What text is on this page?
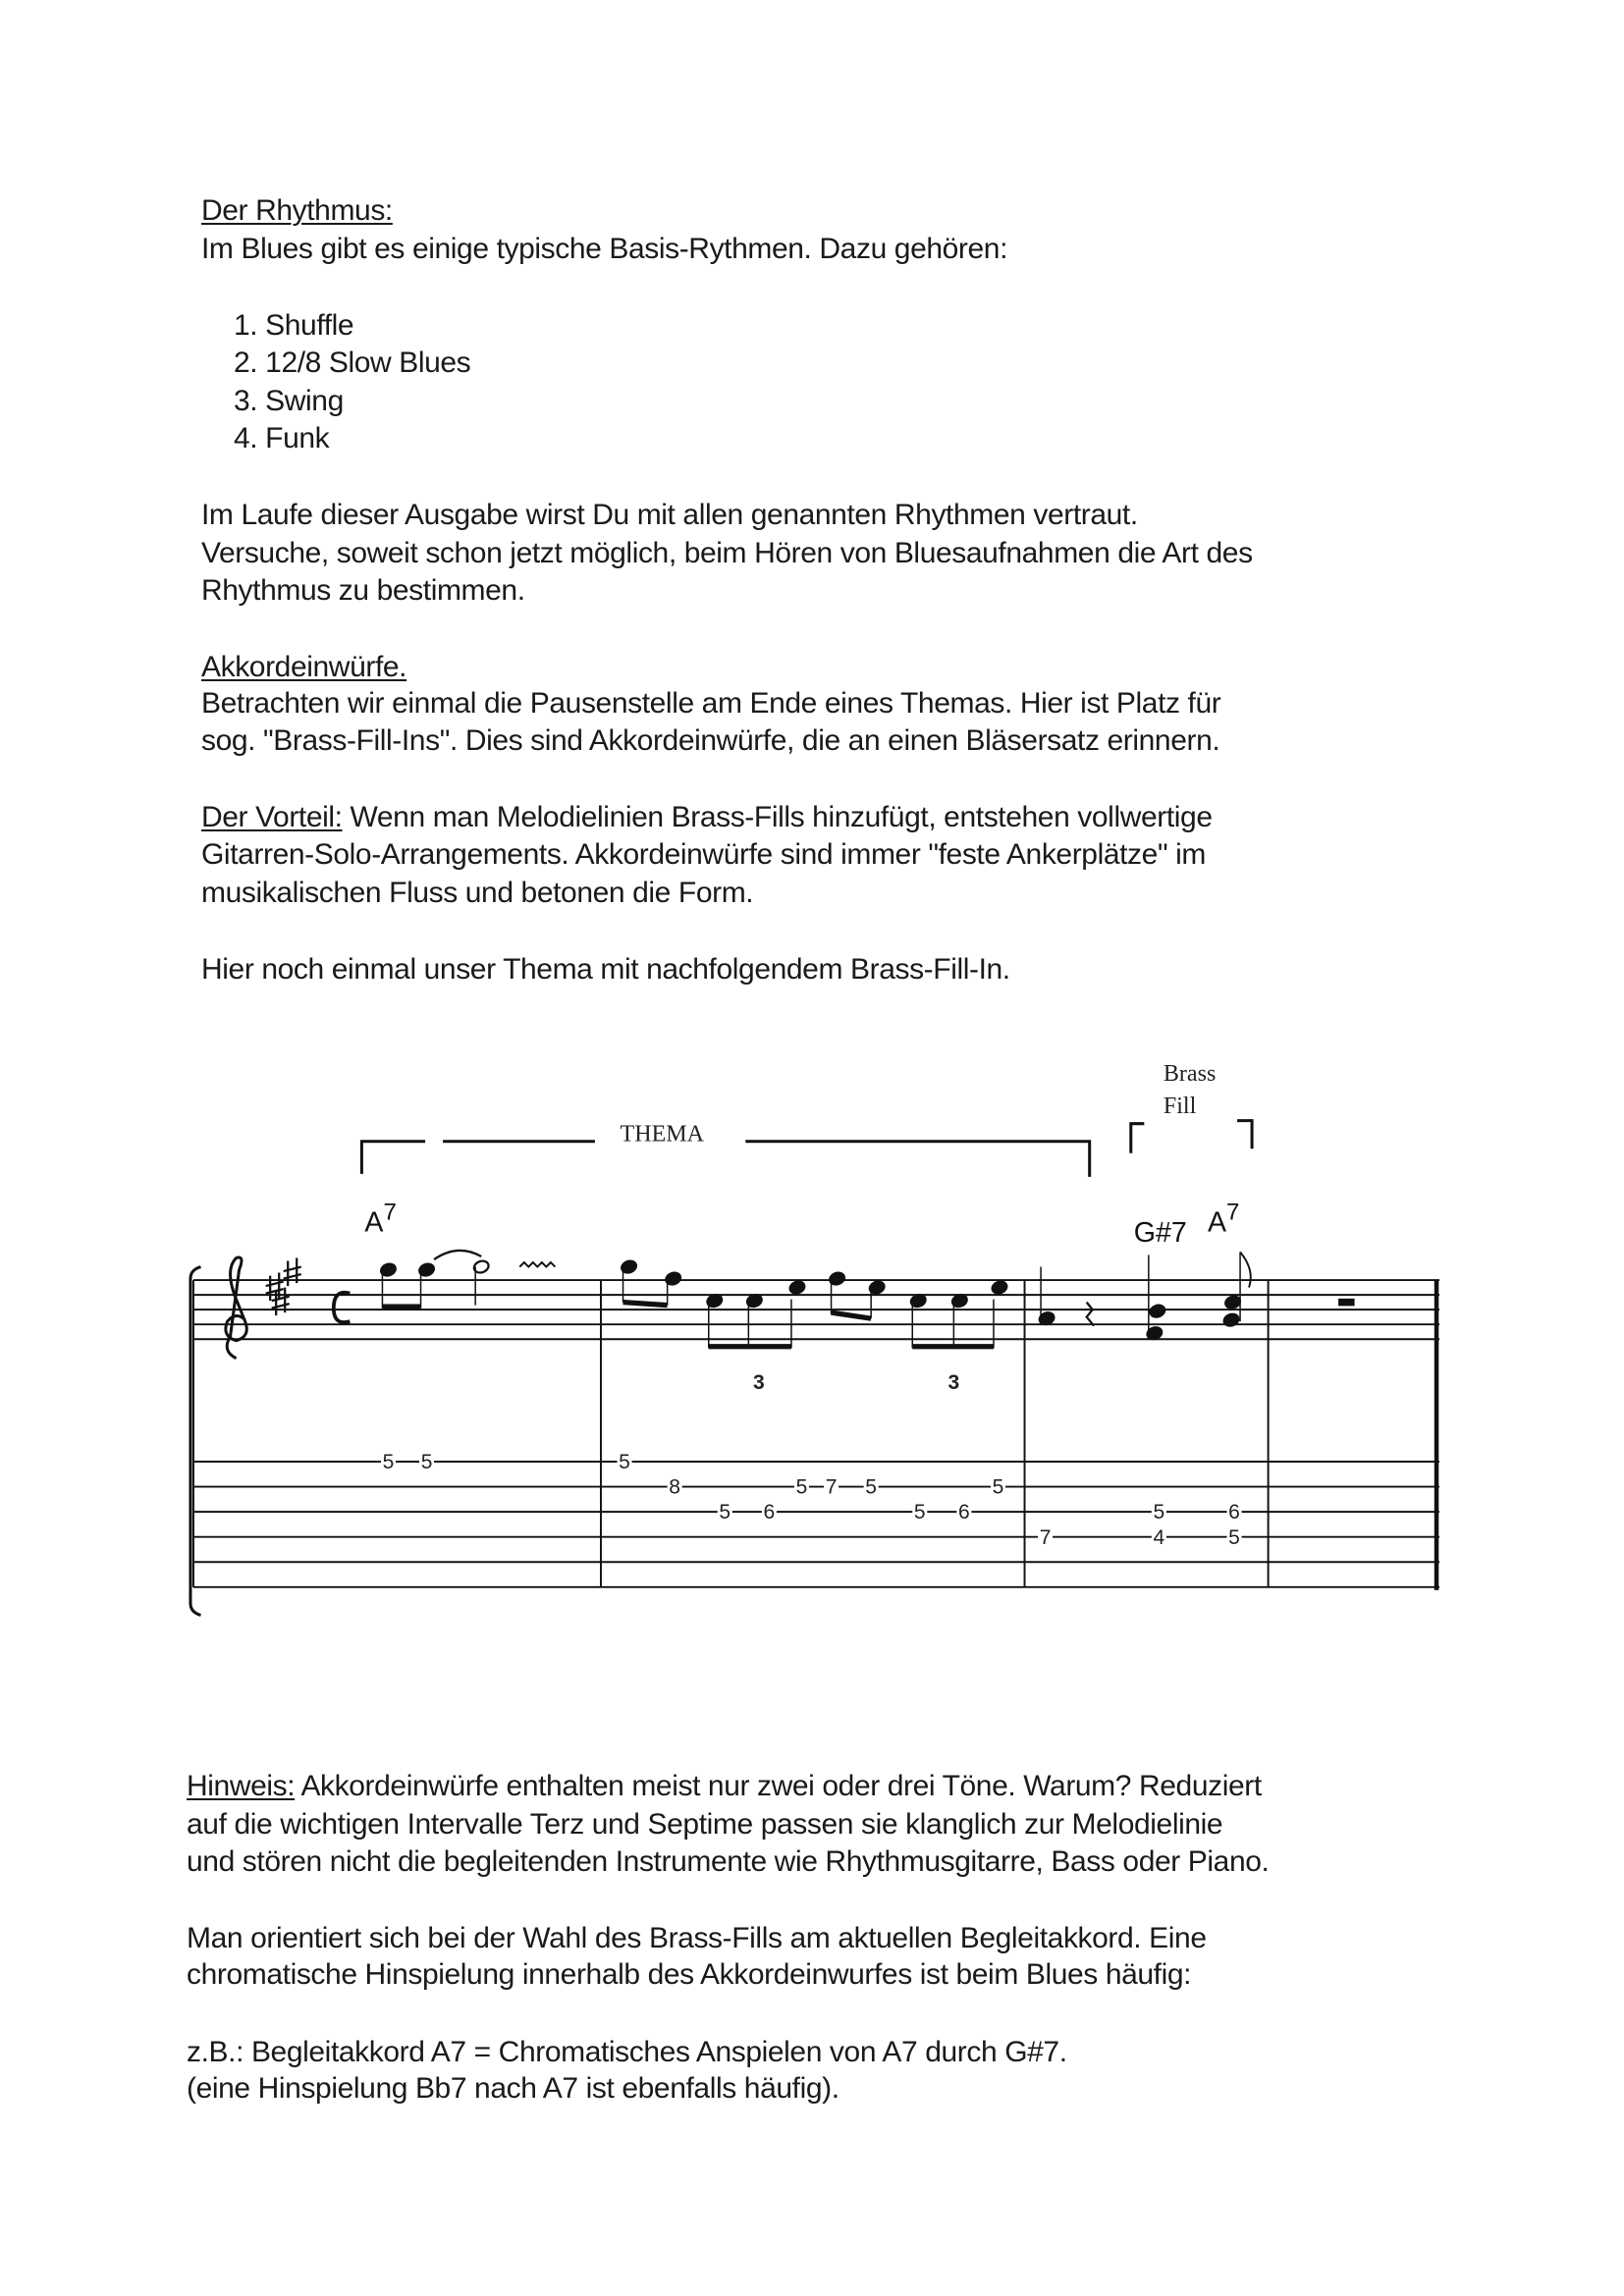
Der Rhythmus:
Im Blues gibt es einige typische Basis-Rythmen. Dazu gehören:
1. Shuffle
2. 12/8 Slow Blues
3. Swing
4. Funk
Im Laufe dieser Ausgabe wirst Du mit allen genannten Rhythmen vertraut.
Versuche, soweit schon jetzt möglich, beim Hören von Bluesaufnahmen die Art des
Rhythmus zu bestimmen.
Akkordeinwürfe.
Betrachten wir einmal die Pausenstelle am Ende eines Themas. Hier ist Platz für
sog. "Brass-Fill-Ins". Dies sind Akkordeinwürfe, die an einen Bläsersatz erinnern.
Der Vorteil: Wenn man Melodielinien Brass-Fills hinzufügt, entstehen vollwertige
Gitarren-Solo-Arrangements. Akkordeinwürfe sind immer "feste Ankerplätze" im
musikalischen Fluss und betonen die Form.
Hier noch einmal unser Thema mit nachfolgendem Brass-Fill-In.
THEMA
Brass
Fill
$A^7$
G#7 $A^7$
3	3
5 5	5
8
5 6
5 7 5
5 6
5
7
5
4
6
5
Hinweis: Akkordeinwürfe enthalten meist nur zwei oder drei Töne. Warum? Reduziert
auf die wichtigen Intervalle Terz und Septime passen sie klanglich zur Melodielinie
und stören nicht die begleitenden Instrumente wie Rhythmusgitarre, Bass oder Piano.
Man orientiert sich bei der Wahl des Brass-Fills am aktuellen Begleitakkord. Eine
chromatische Hinspielung innerhalb des Akkordeinwurfes ist beim Blues häufig:
z.B.: Begleitakkord A7 = Chromatisches Anspielen von A7 durch G#7.
(eine Hinspielung Bb7 nach A7 ist ebenfalls häufig).
